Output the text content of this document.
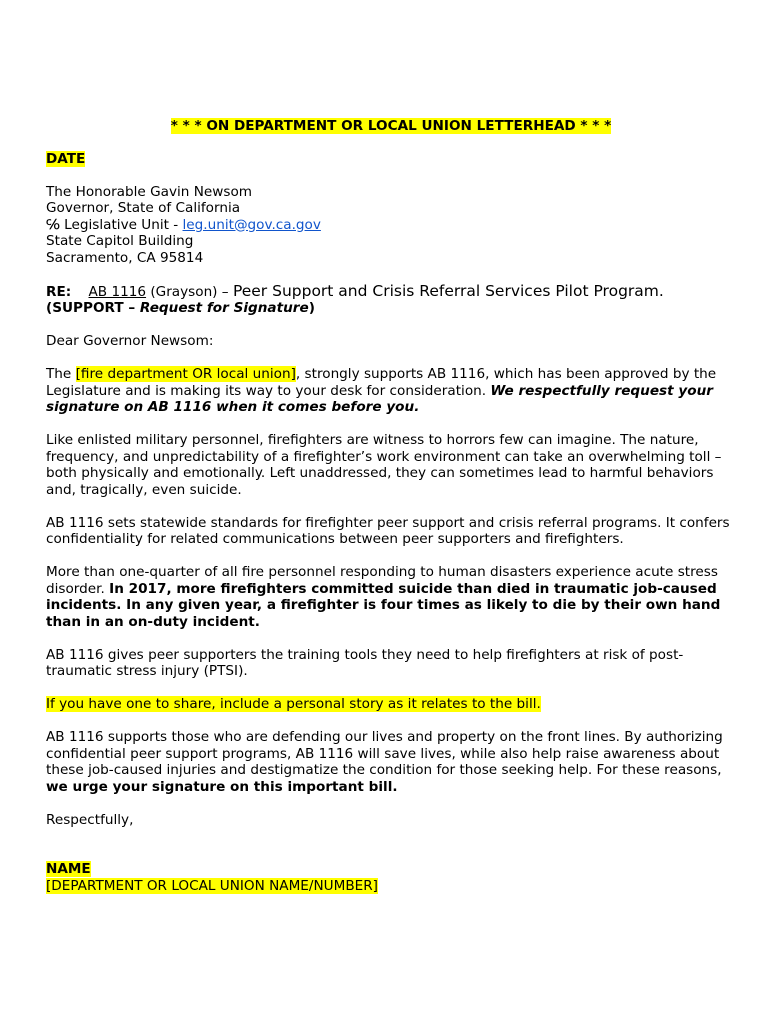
* * * ON DEPARTMENT OR LOCAL UNION LETTERHEAD * * *

DATE

The Honorable Gavin Newsom
Governor, State of California
℅ Legislative Unit - leg.unit@gov.ca.gov
State Capitol Building
Sacramento, CA 95814

RE: AB 1116 (Grayson) – Peer Support and Crisis Referral Services Pilot Program.
(SUPPORT – Request for Signature)

Dear Governor Newsom:

The [fire department OR local union], strongly supports AB 1116, which has been approved by the Legislature and is making its way to your desk for consideration. We respectfully request your signature on AB 1116 when it comes before you.

Like enlisted military personnel, firefighters are witness to horrors few can imagine. The nature, frequency, and unpredictability of a firefighter’s work environment can take an overwhelming toll – both physically and emotionally. Left unaddressed, they can sometimes lead to harmful behaviors and, tragically, even suicide.

AB 1116 sets statewide standards for firefighter peer support and crisis referral programs. It confers confidentiality for related communications between peer supporters and firefighters.

More than one-quarter of all fire personnel responding to human disasters experience acute stress disorder. In 2017, more firefighters committed suicide than died in traumatic job-caused incidents. In any given year, a firefighter is four times as likely to die by their own hand than in an on-duty incident.

AB 1116 gives peer supporters the training tools they need to help firefighters at risk of post-traumatic stress injury (PTSI).

If you have one to share, include a personal story as it relates to the bill.

AB 1116 supports those who are defending our lives and property on the front lines. By authorizing confidential peer support programs, AB 1116 will save lives, while also help raise awareness about these job-caused injuries and destigmatize the condition for those seeking help. For these reasons, we urge your signature on this important bill.

Respectfully,

NAME
[DEPARTMENT OR LOCAL UNION NAME/NUMBER]
